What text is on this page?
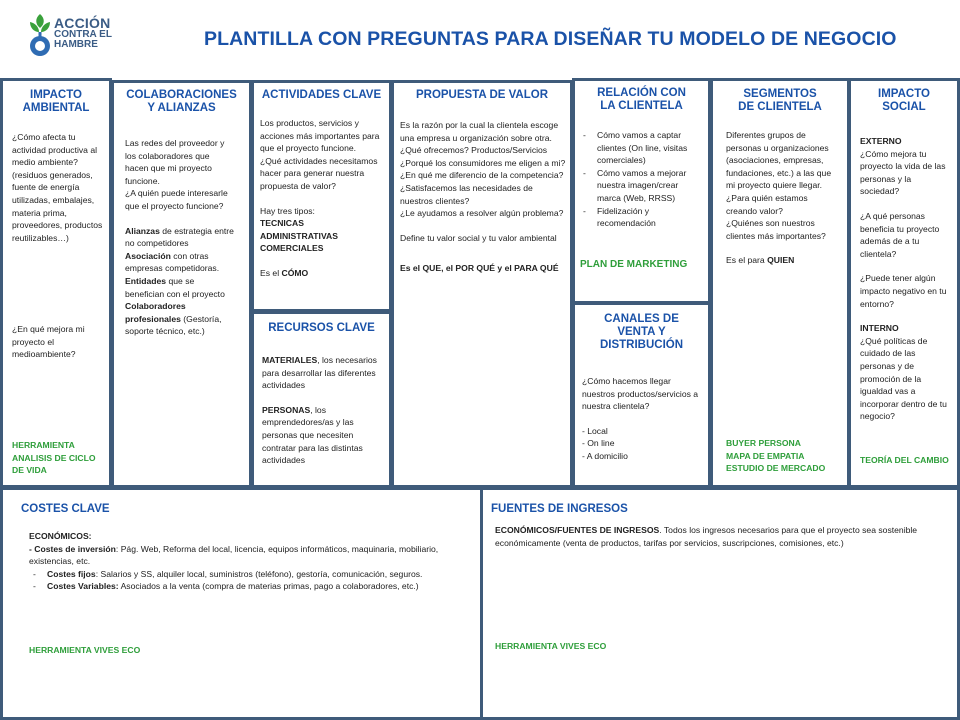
ACCIÓN
CONTRA EL
HAMBRE	PLANTILLA CON PREGUNTAS PARA DISEÑAR TU MODELO DE NEGOCIO
IMPACTO
AMBIENTAL

¿Cómo afecta tu actividad productiva al medio ambiente? (residuos generados, fuente de energía utilizadas, embalajes, materia prima, proveedores, productos reutilizables…)

¿En qué mejora mi proyecto el medioambiente?

HERRAMIENTA ANALISIS DE CICLO DE VIDA
COLABORACIONES
Y ALIANZAS

Las redes del proveedor y los colaboradores que hacen que mi proyecto funcione.

¿A quién puede interesarle que el proyecto funcione?

Alianzas de estrategia entre no competidores

Asociación con otras empresas competidoras.

Entidades que se benefician con el proyecto

Colaboradores profesionales (Gestoría, soporte técnico, etc.)

ACTIVIDADES CLAVE

Los productos, servicios y acciones más importantes para que el proyecto funcione.

¿Qué actividades necesitamos hacer para generar nuestra propuesta de valor?

Hay tres tipos:

TECNICAS

ADMINISTRATIVAS

COMERCIALES

Es el CÓMO

RECURSOS CLAVE

MATERIALES, los necesarios para desarrollar las diferentes actividades

PERSONAS, los emprendedores/as y las personas que necesiten contratar para las distintas actividades

PROPUESTA DE VALOR

Es la razón por la cual la clientela escoge una empresa u organización sobre otra.

¿Qué ofrecemos? Productos/Servicios

¿Porqué los consumidores me eligen a mi?

¿En qué me diferencio de la competencia?

¿Satisfacemos las necesidades de nuestros clientes?

¿Le ayudamos a resolver algún problema?

Define tu valor social y tu valor ambiental

Es el QUE, el POR QUÉ y el PARA QUÉ

RELACIÓN CON
LA CLIENTELA
- Cómo vamos a captar clientes (On line, visitas comerciales)
- Cómo vamos a mejorar nuestra imagen/crear marca (Web, RRSS)
- Fidelización y recomendación
PLAN DE MARKETING
CANALES DE
VENTA Y
DISTRIBUCIÓN

¿Cómo hacemos llegar nuestros productos/servicios a nuestra clientela?

- Local

- On line

- A domicilio

SEGMENTOS
DE CLIENTELA

Diferentes grupos de personas u organizaciones (asociaciones, empresas, fundaciones, etc.) a las que mi proyecto quiere llegar.

¿Para quién estamos creando valor?

¿Quiénes son nuestros clientes más importantes?

Es el para QUIEN

BUYER PERSONA
MAPA DE EMPATIA
ESTUDIO DE MERCADO
IMPACTO
SOCIAL

EXTERNO

¿Cómo mejora tu proyecto la vida de las personas y la sociedad?

¿A qué personas beneficia tu proyecto además de a tu clientela?

¿Puede tener algún impacto negativo en tu entorno?

INTERNO

¿Qué políticas de cuidado de las personas y de promoción de la igualdad vas a incorporar dentro de tu negocio?

TEORÍA DEL CAMBIO
COSTES CLAVE

ECONÓMICOS:

- Costes de inversión: Pág. Web, Reforma del local, licencia, equipos informáticos, maquinaria, mobiliario, existencias, etc.

- Costes fijos: Salarios y SS, alquiler local, suministros (teléfono), gestoría, comunicación, seguros.
- Costes Variables: Asociados a la venta (compra de materias primas, pago a colaboradores, etc.)
HERRAMIENTA VIVES ECO
FUENTES DE INGRESOS

ECONÓMICOS/FUENTES DE INGRESOS. Todos los ingresos necesarios para que el proyecto sea sostenible económicamente (venta de productos, tarifas por servicios, suscripciones, comisiones, etc.)

HERRAMIENTA VIVES ECO
